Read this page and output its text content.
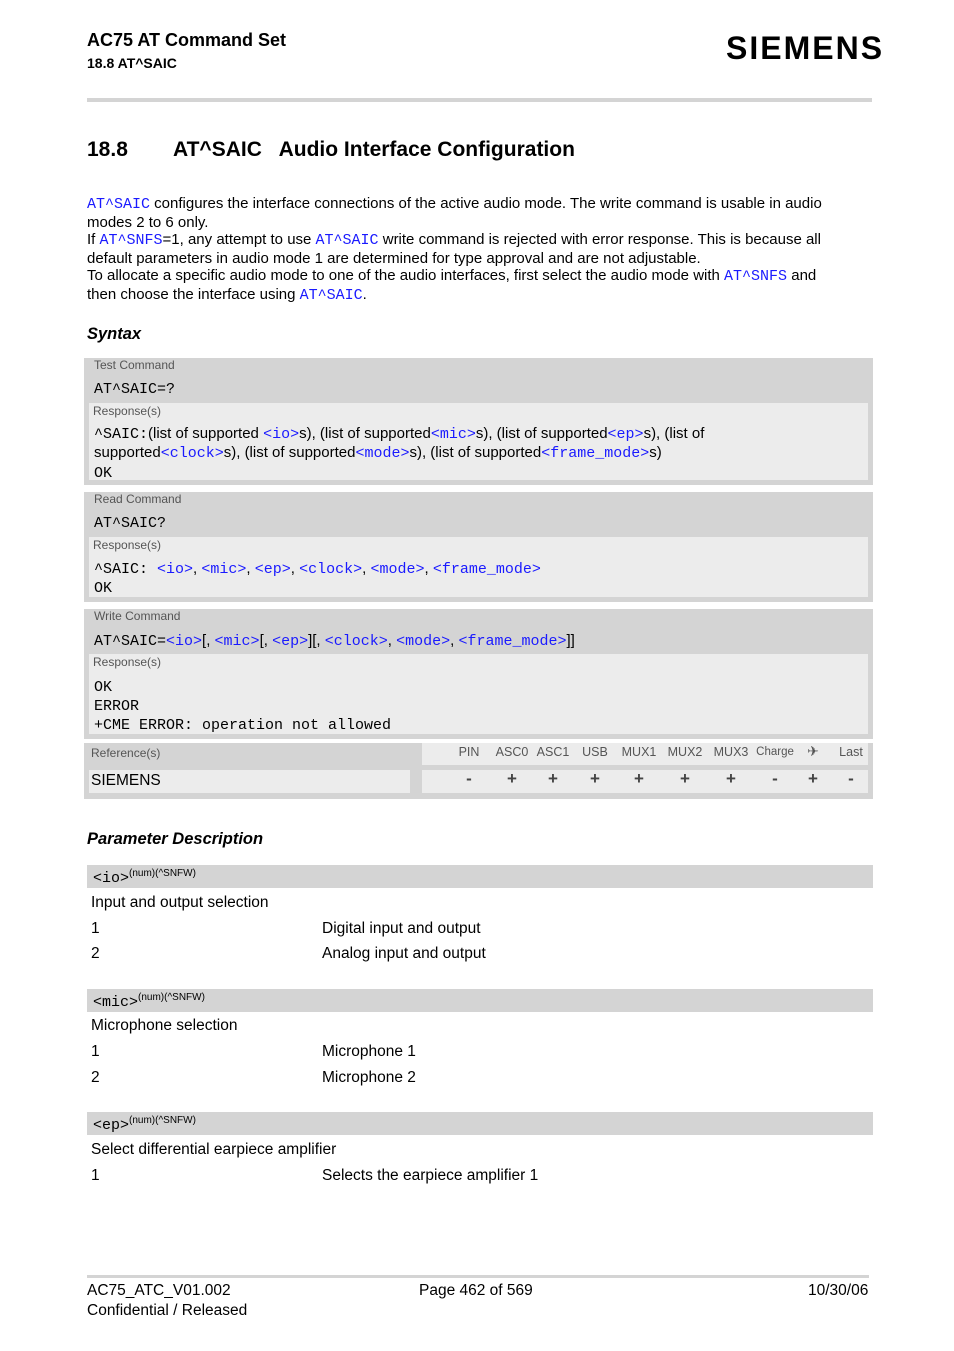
AC75 AT Command Set
18.8 AT^SAIC	SIEMENS
18.8 AT^SAIC   Audio Interface Configuration
AT^SAIC configures the interface connections of the active audio mode. The write command is usable in audio
modes 2 to 6 only.
If AT^SNFS=1, any attempt to use AT^SAIC write command is rejected with error response. This is because all
default parameters in audio mode 1 are determined for type approval and are not adjustable.
To allocate a specific audio mode to one of the audio interfaces, first select the audio mode with AT^SNFS and
then choose the interface using AT^SAIC.
Syntax
Test Command
AT^SAIC=?
Response(s)
^SAIC:(list of supported <io>s), (list of supported<mic>s), (list of supported<ep>s), (list of
supported<clock>s), (list of supported<mode>s), (list of supported<frame_mode>s)
OK
Read Command
AT^SAIC?
Response(s)
^SAIC: <io>, <mic>, <ep>, <clock>, <mode>, <frame_mode>
OK
Write Command
AT^SAIC=<io>[, <mic>[, <ep>][, <clock>, <mode>, <frame_mode>]]
Response(s)
OK
ERROR
+CME ERROR: operation not allowed
Reference(s)
SIEMENS
PIN ASC0 ASC1 USB MUX1 MUX2 MUX3 Charge ✈	Last
-	+ + + + + +	-	+	-
Parameter Description
<io>$^{(num)(\^{}SNFW)}$
Input and output selection
1	Digital input and output
2	Analog input and output
<mic>$^{(num)(\^{}SNFW)}$
Microphone selection
1	Microphone 1
2	Microphone 2
<ep>$^{(num)(\^{}SNFW)}$
Select differential earpiece amplifier
1	Selects the earpiece amplifier 1
AC75_ATC_V01.002
Confidential / Released
Page 462 of 569	10/30/06
